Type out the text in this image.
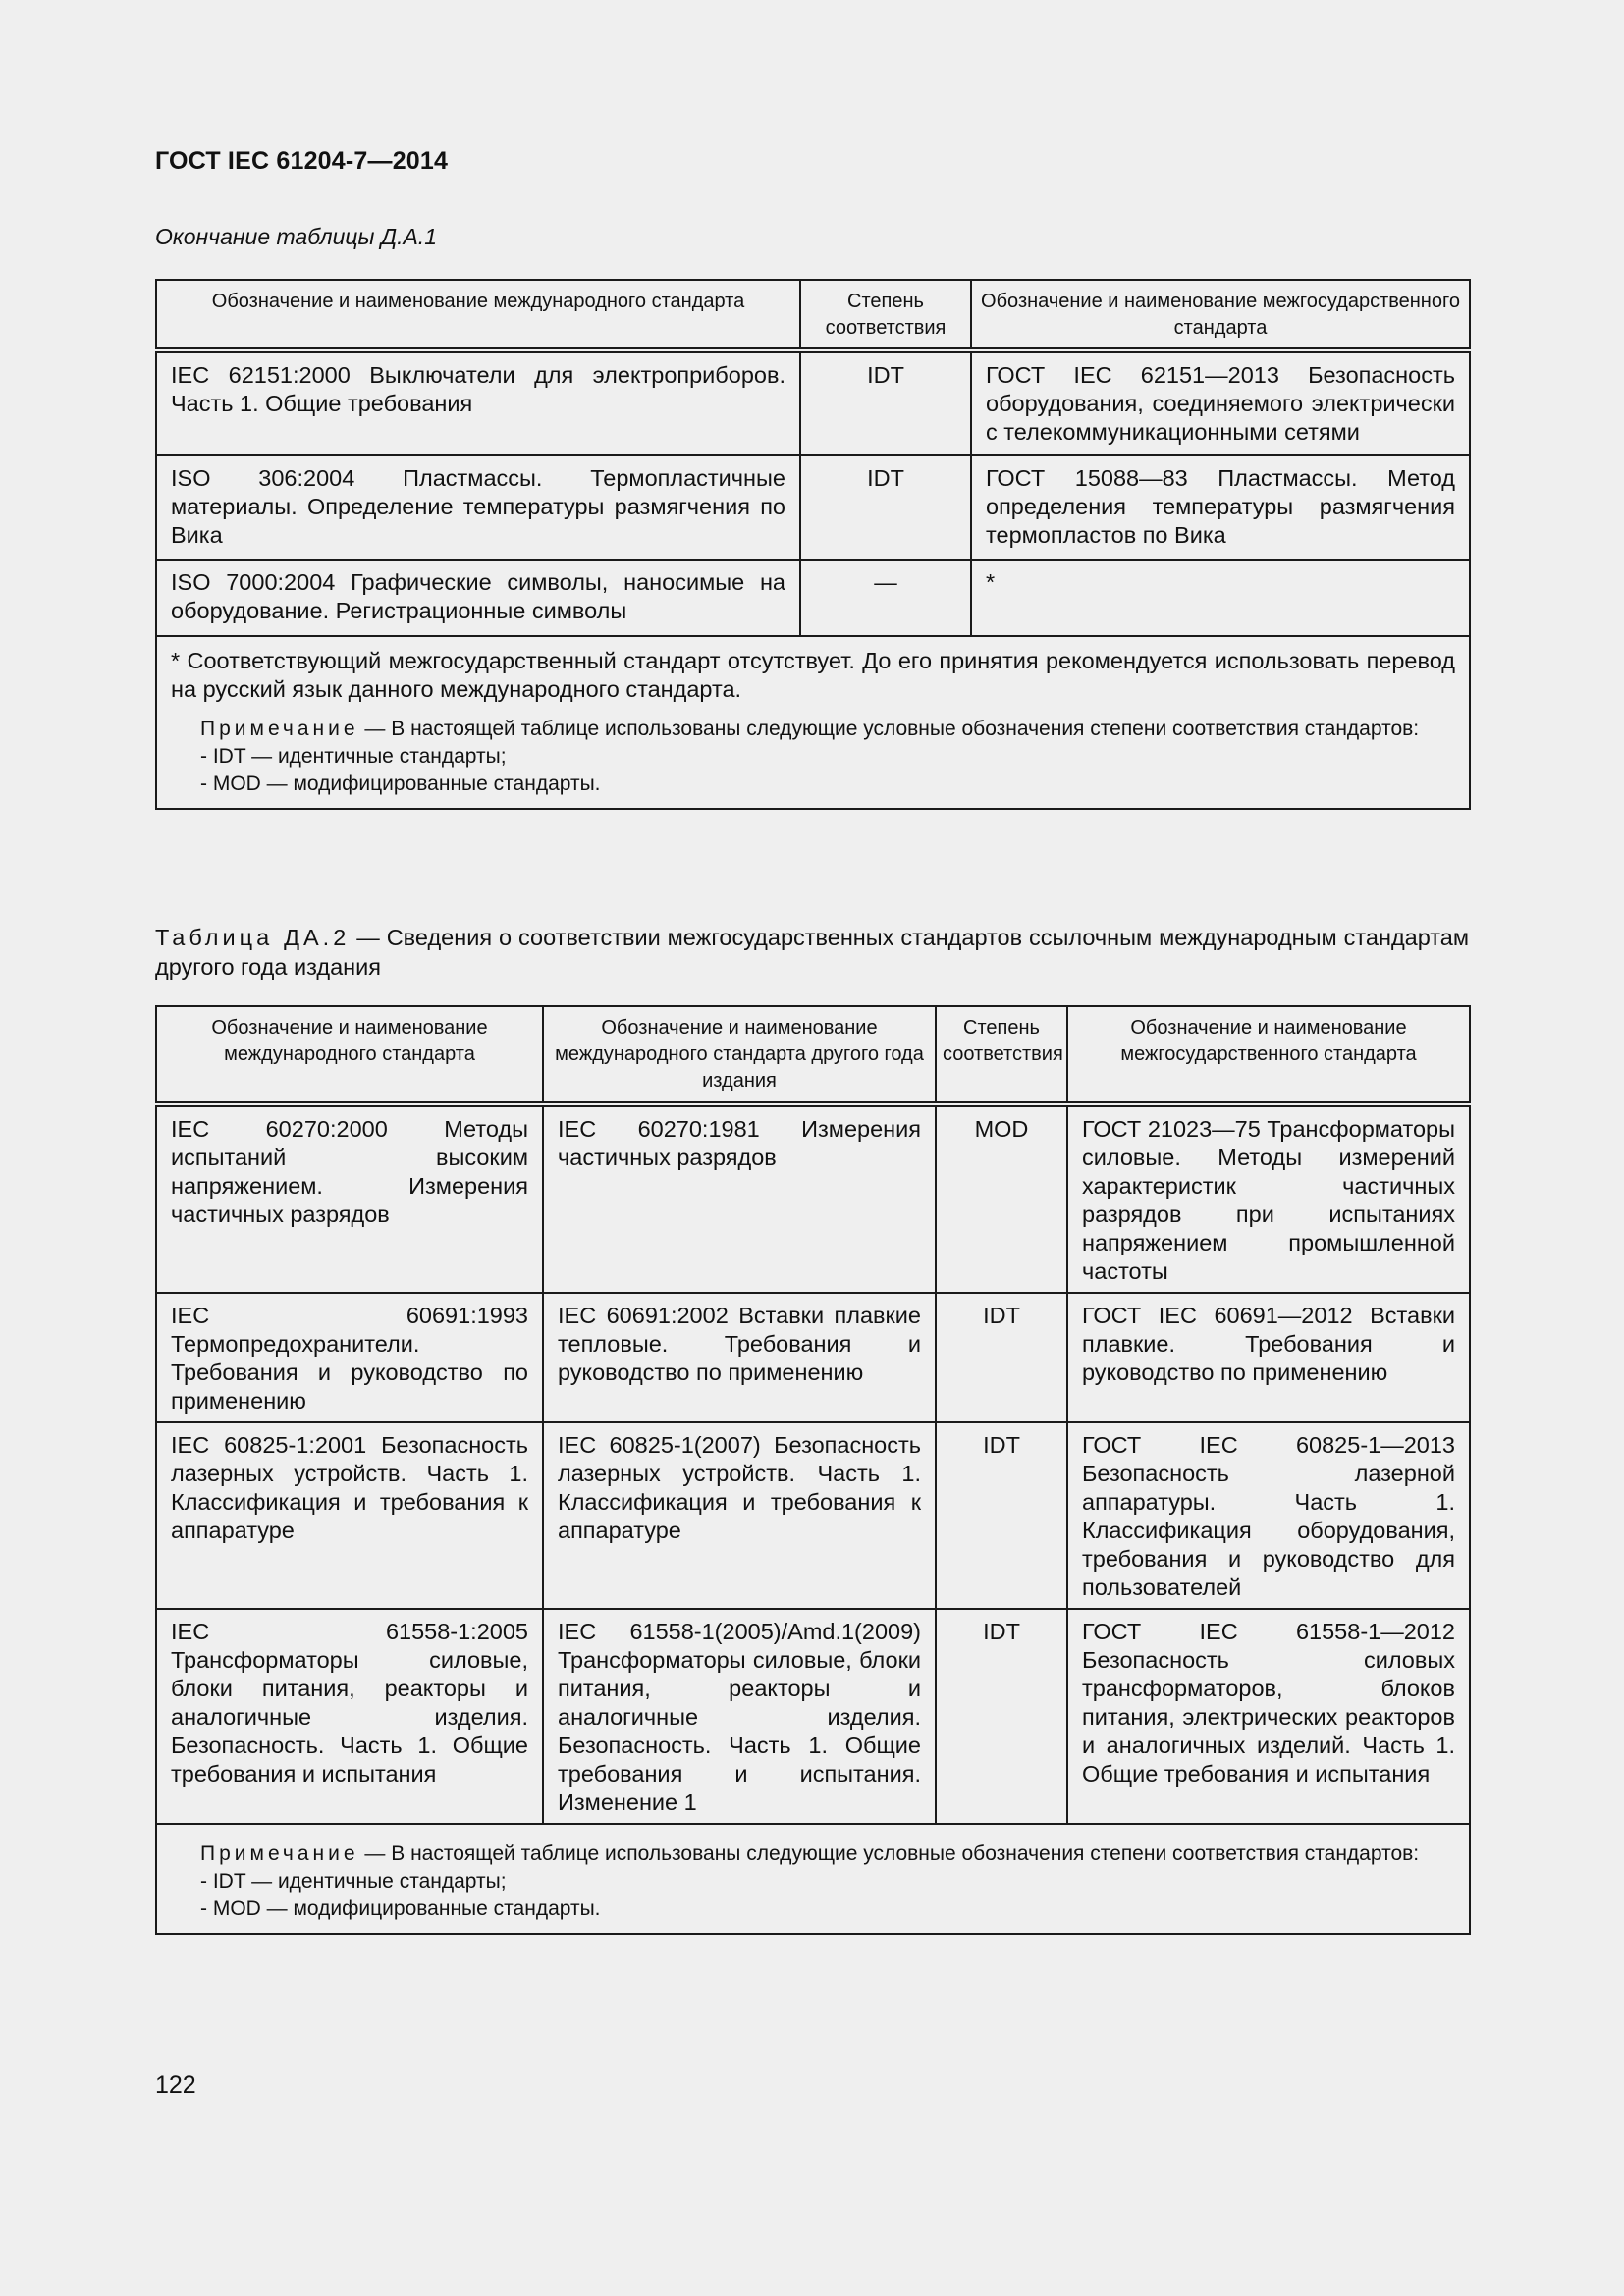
ГОСТ IEC 61204-7—2014
Окончание таблицы Д.А.1
Обозначение и наименование международного стандарта	Степень соответствия	Обозначение и наименование межгосударственного стандарта
IEC 62151:2000 Выключатели для электроприборов. Часть 1. Общие требования	IDT	ГОСТ IEC 62151—2013 Безопасность оборудования, соединяемого электрически с телекоммуникационными сетями
ISO 306:2004 Пластмассы. Термопластичные материалы. Определение температуры размягчения по Вика	IDT	ГОСТ 15088—83 Пластмассы. Метод определения температуры размягчения термопластов по Вика
ISO 7000:2004 Графические символы, наносимые на оборудование. Регистрационные символы	—	*

* Соответствующий межгосударственный стандарт отсутствует. До его принятия рекомендуется использовать перевод на русский язык данного международного стандарта.
Примечание — В настоящей таблице использованы следующие условные обозначения степени соответствия стандартов:
- IDT — идентичные стандарты;
- MOD — модифицированные стандарты.		
Таблица ДА.2 — Сведения о соответствии межгосударственных стандартов ссылочным международным стандартам другого года издания
Обозначение и наименование международного стандарта	Обозначение и наименование международного стандарта другого года издания	Степень соответствия	Обозначение и наименование межгосударственного стандарта
IEC 60270:2000 Методы испытаний высоким напряжением. Измерения частичных разрядов	IEC 60270:1981 Измерения частичных разрядов	MOD	ГОСТ 21023—75 Трансформаторы силовые. Методы измерений характеристик частичных разрядов при испытаниях напряжением промышленной частоты
IEC 60691:1993 Термопредохранители. Требования и руководство по применению	IEC 60691:2002 Вставки плавкие тепловые. Требования и руководство по применению	IDT	ГОСТ IEC 60691—2012 Вставки плавкие. Требования и руководство по применению
IEC 60825-1:2001 Безопасность лазерных устройств. Часть 1. Классификация и требования к аппаратуре	IEC 60825-1(2007) Безопасность лазерных устройств. Часть 1. Классификация и требования к аппаратуре	IDT	ГОСТ IEC 60825-1—2013 Безопасность лазерной аппаратуры. Часть 1. Классификация оборудования, требования и руководство для пользователей
IEC 61558-1:2005 Трансформаторы силовые, блоки питания, реакторы и аналогичные изделия. Безопасность. Часть 1. Общие требования и испытания	IEC 61558-1(2005)/Amd.1(2009) Трансформаторы силовые, блоки питания, реакторы и аналогичные изделия. Безопасность. Часть 1. Общие требования и испытания. Изменение 1	IDT	ГОСТ IEC 61558-1—2012 Безопасность силовых трансформаторов, блоков питания, электрических реакторов и аналогичных изделий. Часть 1. Общие требования и испытания

Примечание — В настоящей таблице использованы следующие условные обозначения степени соответствия стандартов:
- IDT — идентичные стандарты;
- MOD — модифицированные стандарты.			
122
